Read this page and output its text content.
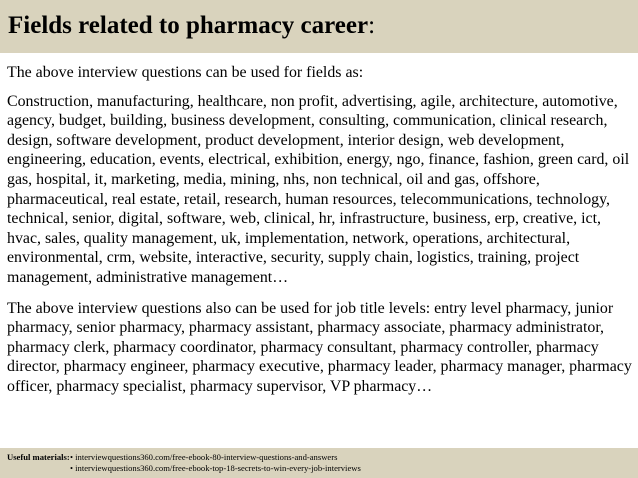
Fields related to pharmacy career:

The above interview questions can be used for fields as:

Construction, manufacturing, healthcare, non profit, advertising, agile, architecture, automotive, agency, budget, building, business development, consulting, communication, clinical research, design, software development, product development, interior design, web development, engineering, education, events, electrical, exhibition, energy, ngo, finance, fashion, green card, oil gas, hospital, it, marketing, media, mining, nhs, non technical, oil and gas, offshore, pharmaceutical, real estate, retail, research, human resources, telecommunications, technology, technical, senior, digital, software, web, clinical, hr, infrastructure, business, erp, creative, ict, hvac, sales, quality management, uk, implementation, network, operations, architectural, environmental, crm, website, interactive, security, supply chain, logistics, training, project management, administrative management…

The above interview questions also can be used for job title levels: entry level pharmacy, junior pharmacy, senior pharmacy, pharmacy assistant, pharmacy associate, pharmacy administrator, pharmacy clerk, pharmacy coordinator, pharmacy consultant, pharmacy controller, pharmacy director, pharmacy engineer, pharmacy executive, pharmacy leader, pharmacy manager, pharmacy officer, pharmacy specialist, pharmacy supervisor, VP pharmacy…

Useful materials: • interviewquestions360.com/free-ebook-80-interview-questions-and-answers
• interviewquestions360.com/free-ebook-top-18-secrets-to-win-every-job-interviews
